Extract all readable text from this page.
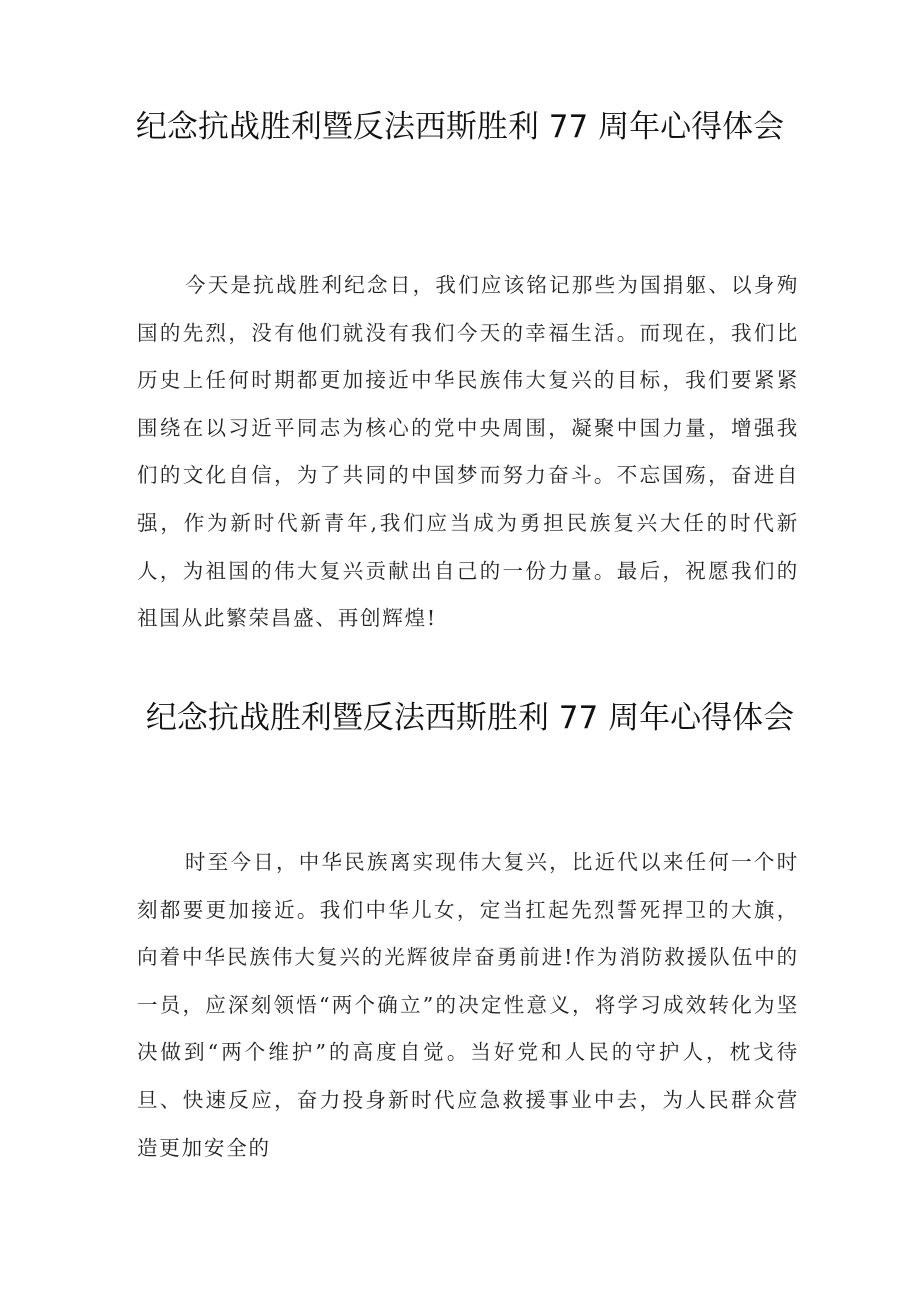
纪念抗战胜利暨反法西斯胜利 77 周年心得体会

今天是抗战胜利纪念日，我们应该铭记那些为国捐躯、以身殉国的先烈，没有他们就没有我们今天的幸福生活。而现在，我们比历史上任何时期都更加接近中华民族伟大复兴的目标，我们要紧紧围绕在以习近平同志为核心的党中央周围，凝聚中国力量，增强我们的文化自信，为了共同的中国梦而努力奋斗。不忘国殇，奋进自强，作为新时代新青年,我们应当成为勇担民族复兴大任的时代新人，为祖国的伟大复兴贡献出自己的一份力量。最后，祝愿我们的祖国从此繁荣昌盛、再创辉煌!

纪念抗战胜利暨反法西斯胜利 77 周年心得体会

时至今日，中华民族离实现伟大复兴，比近代以来任何一个时刻都要更加接近。我们中华儿女，定当扛起先烈誓死捍卫的大旗，向着中华民族伟大复兴的光辉彼岸奋勇前进!作为消防救援队伍中的一员，应深刻领悟“两个确立”的决定性意义，将学习成效转化为坚决做到“两个维护”的高度自觉。当好党和人民的守护人，枕戈待旦、快速反应，奋力投身新时代应急救援事业中去，为人民群众营造更加安全的
